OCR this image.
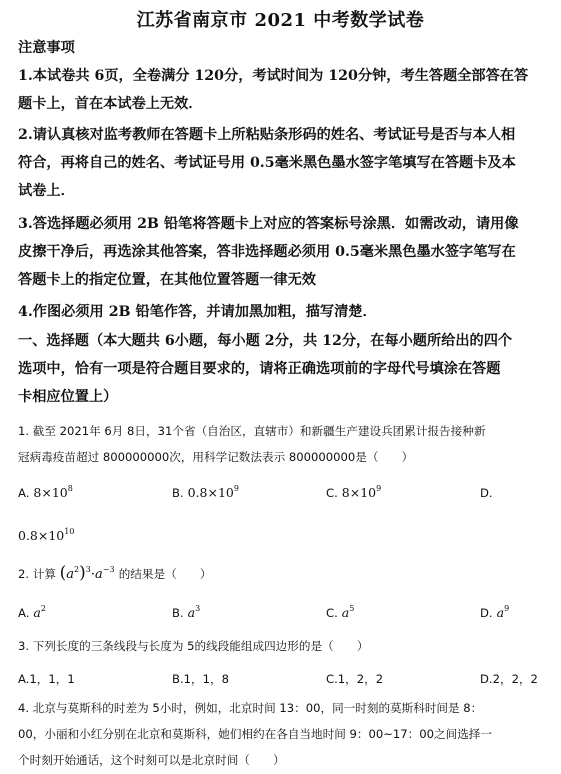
江苏省南京市 2021 中考数学试卷
注意事项
1.本试卷共 6页，全卷满分 120分，考试时间为 120分钟，考生答题全部答在答
题卡上，首在本试卷上无效．
2.请认真核对监考教师在答题卡上所粘贴条形码的姓名、考试证号是否与本人相
符合，再将自己的姓名、考试证号用 0.5毫米黑色墨水签字笔填写在答题卡及本
试卷上．
3.答选择题必须用 2B 铅笔将答题卡上对应的答案标号涂黑．如需改动，请用像
皮擦干净后，再选涂其他答案，答非选择题必须用 0.5毫米黑色墨水签字笔写在
答题卡上的指定位置，在其他位置答题一律无效
4.作图必须用 2B 铅笔作答，并请加黑加粗，描写清楚．
一、选择题（本大题共 6小题，每小题 2分，共 12分，在每小题所给出的四个
选项中，恰有一项是符合题目要求的，请将正确选项前的字母代号填涂在答题
卡相应位置上）
1. 截至 2021年 6月 8日，31个省（自治区，直辖市）和新疆生产建设兵团累计报告接种新
冠病毒疫苗超过 800000000次，用科学记数法表示 800000000是（　　）
A. $8\times 10^8$	B. $0.8\times 10^9$	C. $8\times 10^9$	D.
$0.8\times 10^{10}$
2. 计算 $(a^2)^3\cdot a^{-3}$ 的结果是（　　）
A. $a^2$	B. $a^3$	C. $a^5$	D. $a^9$
3. 下列长度的三条线段与长度为 5的线段能组成四边形的是（　　）
A.1，1，1	B.1，1，8	C.1，2，2	D.2，2，2
4. 北京与莫斯科的时差为 5小时，例如，北京时间 13：00，同一时刻的莫斯科时间是 8：
00，小丽和小红分别在北京和莫斯科，她们相约在各自当地时间 9：00~17：00之间选择一
个时刻开始通话，这个时刻可以是北京时间（　　）
